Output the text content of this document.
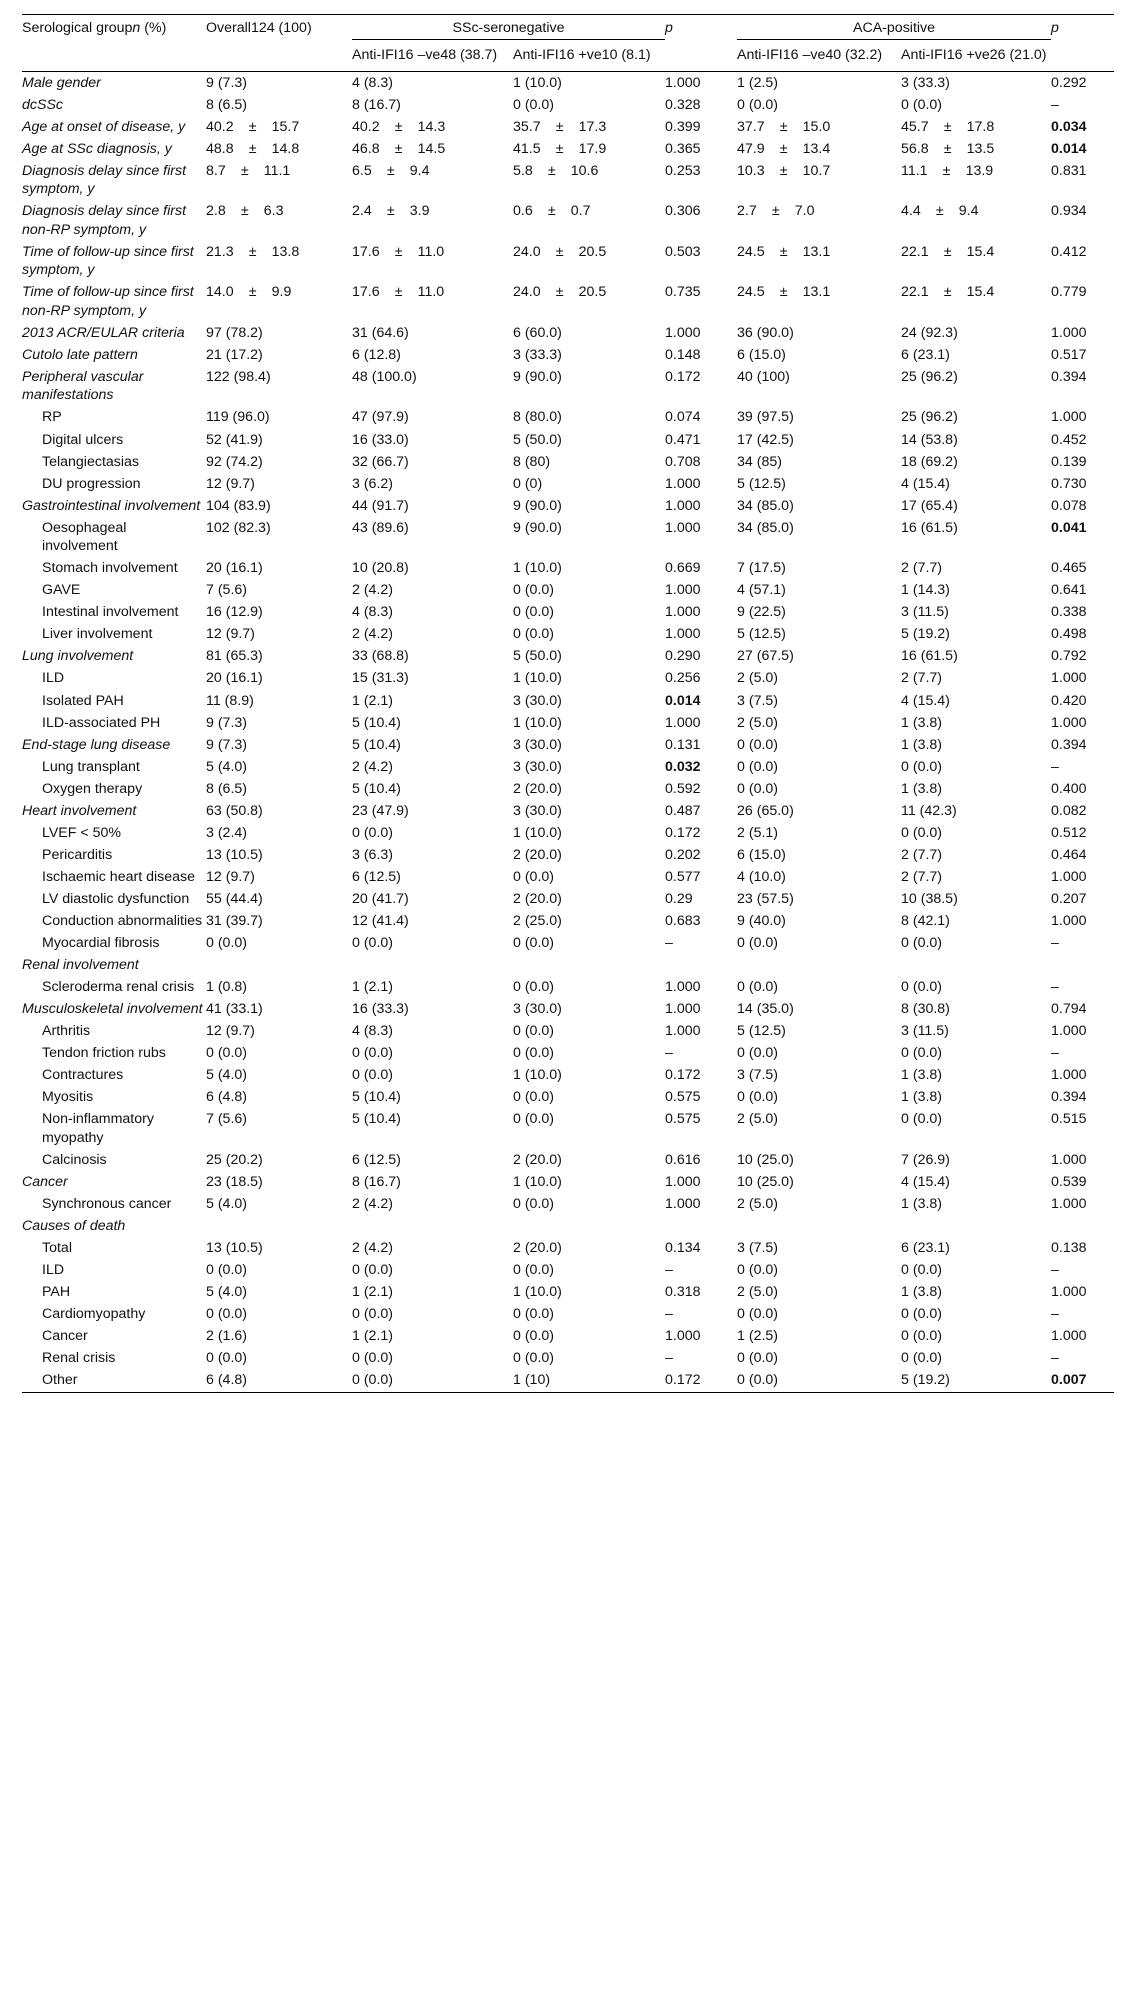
Serological groupn (%)	Overall124 (100)	SSc-seronegative		p	ACA-positive		p
		Anti-IFI16 –ve48 (38.7)	Anti-IFI16 +ve10 (8.1)		Anti-IFI16 –ve40 (32.2)	Anti-IFI16 +ve26 (21.0)	
Male gender	9 (7.3)	4 (8.3)	1 (10.0)	1.000	1 (2.5)	3 (33.3)	0.292
dcSSc	8 (6.5)	8 (16.7)	0 (0.0)	0.328	0 (0.0)	0 (0.0)	–
Age at onset of disease, y	40.2 ± 15.7	40.2 ± 14.3	35.7 ± 17.3	0.399	37.7 ± 15.0	45.7 ± 17.8	0.034
Age at SSc diagnosis, y	48.8 ± 14.8	46.8 ± 14.5	41.5 ± 17.9	0.365	47.9 ± 13.4	56.8 ± 13.5	0.014
Diagnosis delay since first symptom, y	8.7 ± 11.1	6.5 ± 9.4	5.8 ± 10.6	0.253	10.3 ± 10.7	11.1 ± 13.9	0.831
Diagnosis delay since first non-RP symptom, y	2.8 ± 6.3	2.4 ± 3.9	0.6 ± 0.7	0.306	2.7 ± 7.0	4.4 ± 9.4	0.934
Time of follow-up since first symptom, y	21.3 ± 13.8	17.6 ± 11.0	24.0 ± 20.5	0.503	24.5 ± 13.1	22.1 ± 15.4	0.412
Time of follow-up since first non-RP symptom, y	14.0 ± 9.9	17.6 ± 11.0	24.0 ± 20.5	0.735	24.5 ± 13.1	22.1 ± 15.4	0.779
2013 ACR/EULAR criteria	97 (78.2)	31 (64.6)	6 (60.0)	1.000	36 (90.0)	24 (92.3)	1.000
Cutolo late pattern	21 (17.2)	6 (12.8)	3 (33.3)	0.148	6 (15.0)	6 (23.1)	0.517
Peripheral vascular manifestations	122 (98.4)	48 (100.0)	9 (90.0)	0.172	40 (100)	25 (96.2)	0.394
RP	119 (96.0)	47 (97.9)	8 (80.0)	0.074	39 (97.5)	25 (96.2)	1.000
Digital ulcers	52 (41.9)	16 (33.0)	5 (50.0)	0.471	17 (42.5)	14 (53.8)	0.452
Telangiectasias	92 (74.2)	32 (66.7)	8 (80)	0.708	34 (85)	18 (69.2)	0.139
DU progression	12 (9.7)	3 (6.2)	0 (0)	1.000	5 (12.5)	4 (15.4)	0.730
Gastrointestinal involvement	104 (83.9)	44 (91.7)	9 (90.0)	1.000	34 (85.0)	17 (65.4)	0.078
Oesophageal involvement	102 (82.3)	43 (89.6)	9 (90.0)	1.000	34 (85.0)	16 (61.5)	0.041
Stomach involvement	20 (16.1)	10 (20.8)	1 (10.0)	0.669	7 (17.5)	2 (7.7)	0.465
GAVE	7 (5.6)	2 (4.2)	0 (0.0)	1.000	4 (57.1)	1 (14.3)	0.641
Intestinal involvement	16 (12.9)	4 (8.3)	0 (0.0)	1.000	9 (22.5)	3 (11.5)	0.338
Liver involvement	12 (9.7)	2 (4.2)	0 (0.0)	1.000	5 (12.5)	5 (19.2)	0.498
Lung involvement	81 (65.3)	33 (68.8)	5 (50.0)	0.290	27 (67.5)	16 (61.5)	0.792
ILD	20 (16.1)	15 (31.3)	1 (10.0)	0.256	2 (5.0)	2 (7.7)	1.000
Isolated PAH	11 (8.9)	1 (2.1)	3 (30.0)	0.014	3 (7.5)	4 (15.4)	0.420
ILD-associated PH	9 (7.3)	5 (10.4)	1 (10.0)	1.000	2 (5.0)	1 (3.8)	1.000
End-stage lung disease	9 (7.3)	5 (10.4)	3 (30.0)	0.131	0 (0.0)	1 (3.8)	0.394
Lung transplant	5 (4.0)	2 (4.2)	3 (30.0)	0.032	0 (0.0)	0 (0.0)	–
Oxygen therapy	8 (6.5)	5 (10.4)	2 (20.0)	0.592	0 (0.0)	1 (3.8)	0.400
Heart involvement	63 (50.8)	23 (47.9)	3 (30.0)	0.487	26 (65.0)	11 (42.3)	0.082
LVEF < 50%	3 (2.4)	0 (0.0)	1 (10.0)	0.172	2 (5.1)	0 (0.0)	0.512
Pericarditis	13 (10.5)	3 (6.3)	2 (20.0)	0.202	6 (15.0)	2 (7.7)	0.464
Ischaemic heart disease	12 (9.7)	6 (12.5)	0 (0.0)	0.577	4 (10.0)	2 (7.7)	1.000
LV diastolic dysfunction	55 (44.4)	20 (41.7)	2 (20.0)	0.29	23 (57.5)	10 (38.5)	0.207
Conduction abnormalities	31 (39.7)	12 (41.4)	2 (25.0)	0.683	9 (40.0)	8 (42.1)	1.000
Myocardial fibrosis	0 (0.0)	0 (0.0)	0 (0.0)	–	0 (0.0)	0 (0.0)	–
Renal involvement							
Scleroderma renal crisis	1 (0.8)	1 (2.1)	0 (0.0)	1.000	0 (0.0)	0 (0.0)	–
Musculoskeletal involvement	41 (33.1)	16 (33.3)	3 (30.0)	1.000	14 (35.0)	8 (30.8)	0.794
Arthritis	12 (9.7)	4 (8.3)	0 (0.0)	1.000	5 (12.5)	3 (11.5)	1.000
Tendon friction rubs	0 (0.0)	0 (0.0)	0 (0.0)	–	0 (0.0)	0 (0.0)	–
Contractures	5 (4.0)	0 (0.0)	1 (10.0)	0.172	3 (7.5)	1 (3.8)	1.000
Myositis	6 (4.8)	5 (10.4)	0 (0.0)	0.575	0 (0.0)	1 (3.8)	0.394
Non-inflammatory myopathy	7 (5.6)	5 (10.4)	0 (0.0)	0.575	2 (5.0)	0 (0.0)	0.515
Calcinosis	25 (20.2)	6 (12.5)	2 (20.0)	0.616	10 (25.0)	7 (26.9)	1.000
Cancer	23 (18.5)	8 (16.7)	1 (10.0)	1.000	10 (25.0)	4 (15.4)	0.539
Synchronous cancer	5 (4.0)	2 (4.2)	0 (0.0)	1.000	2 (5.0)	1 (3.8)	1.000
Causes of death							
Total	13 (10.5)	2 (4.2)	2 (20.0)	0.134	3 (7.5)	6 (23.1)	0.138
ILD	0 (0.0)	0 (0.0)	0 (0.0)	–	0 (0.0)	0 (0.0)	–
PAH	5 (4.0)	1 (2.1)	1 (10.0)	0.318	2 (5.0)	1 (3.8)	1.000
Cardiomyopathy	0 (0.0)	0 (0.0)	0 (0.0)	–	0 (0.0)	0 (0.0)	–
Cancer	2 (1.6)	1 (2.1)	0 (0.0)	1.000	1 (2.5)	0 (0.0)	1.000
Renal crisis	0 (0.0)	0 (0.0)	0 (0.0)	–	0 (0.0)	0 (0.0)	–
Other	6 (4.8)	0 (0.0)	1 (10)	0.172	0 (0.0)	5 (19.2)	0.007
